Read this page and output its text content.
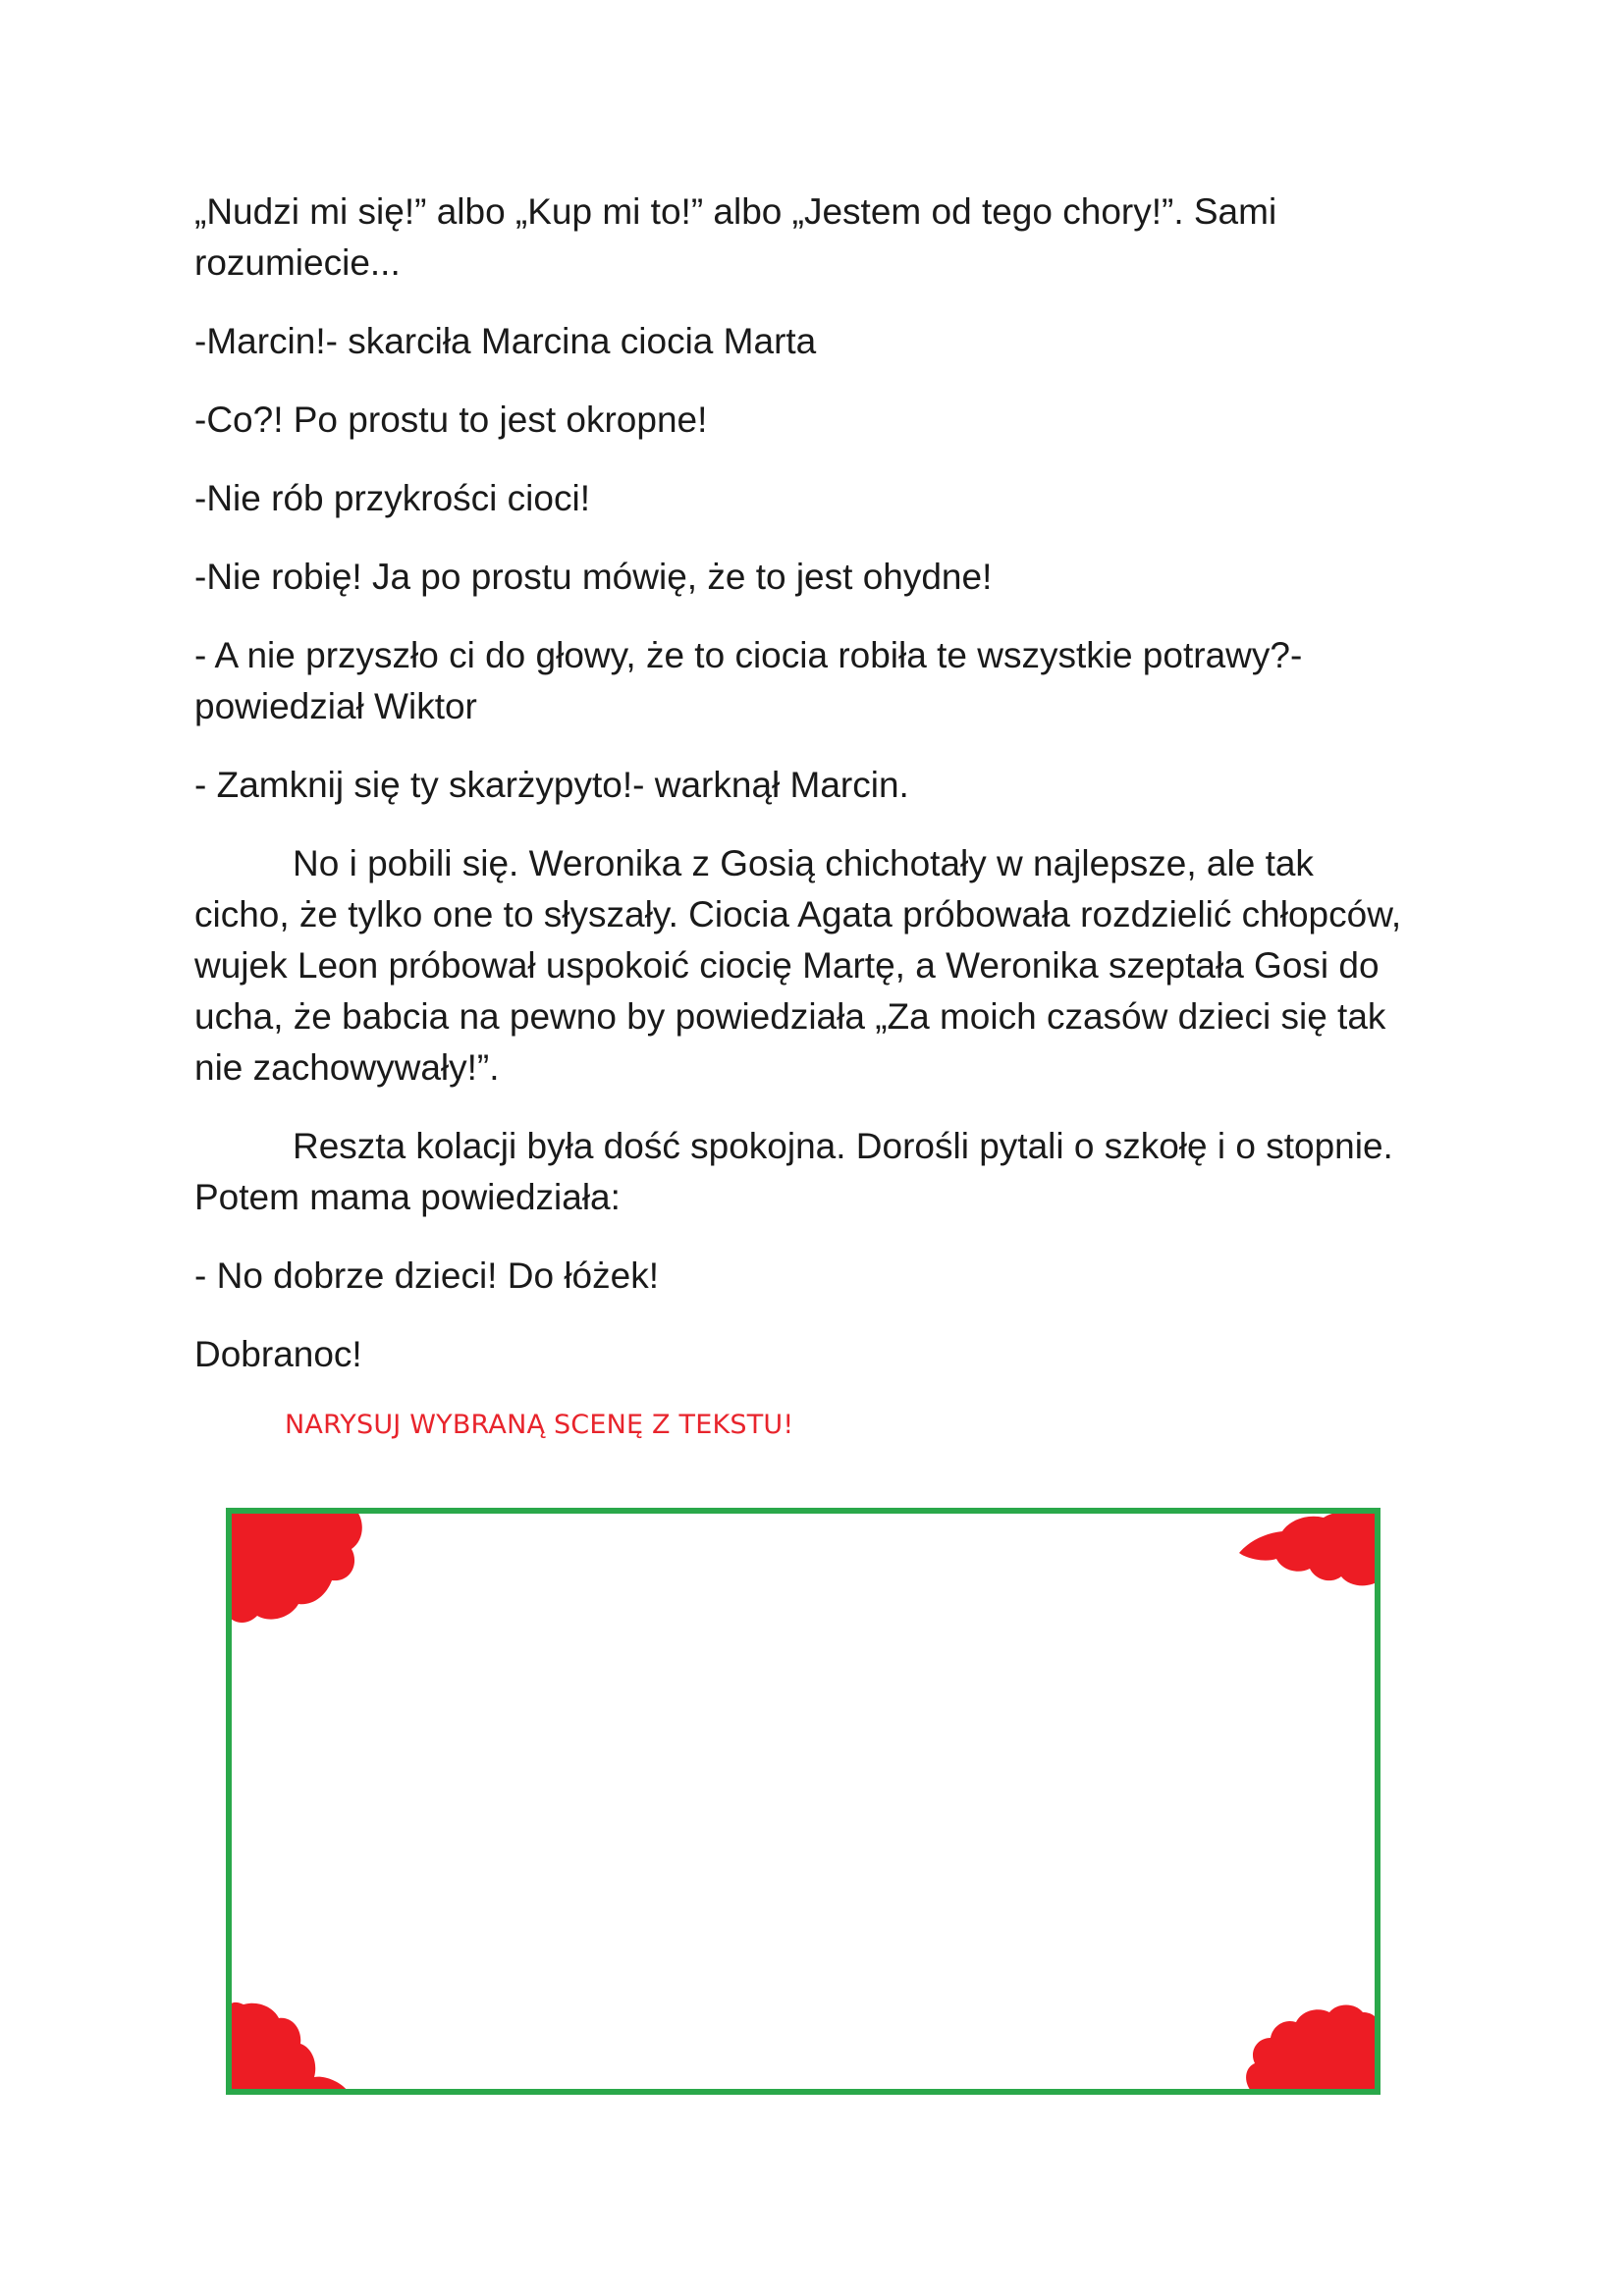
„Nudzi mi się!” albo „Kup mi to!” albo „Jestem od tego chory!”. Sami rozumiecie...

-Marcin!- skarciła Marcina ciocia Marta

-Co?! Po prostu to jest okropne!

-Nie rób przykrości cioci!

-Nie robię! Ja po prostu mówię, że to jest ohydne!

- A nie przyszło ci do głowy, że to ciocia robiła te wszystkie potrawy?- powiedział Wiktor

- Zamknij się ty skarżypyto!- warknął Marcin.

No i pobili się. Weronika z Gosią chichotały w najlepsze, ale tak cicho, że tylko one to słyszały. Ciocia Agata próbowała rozdzielić chłopców, wujek Leon próbował uspokoić ciocię Martę, a Weronika szeptała Gosi do ucha, że babcia na pewno by powiedziała „Za moich czasów dzieci się tak nie zachowywały!”.

Reszta kolacji była dość spokojna. Dorośli pytali o szkołę i o stopnie. Potem mama powiedziała:

- No dobrze dzieci! Do łóżek!

Dobranoc!

NARYSUJ WYBRANĄ SCENĘ Z TEKSTU!
